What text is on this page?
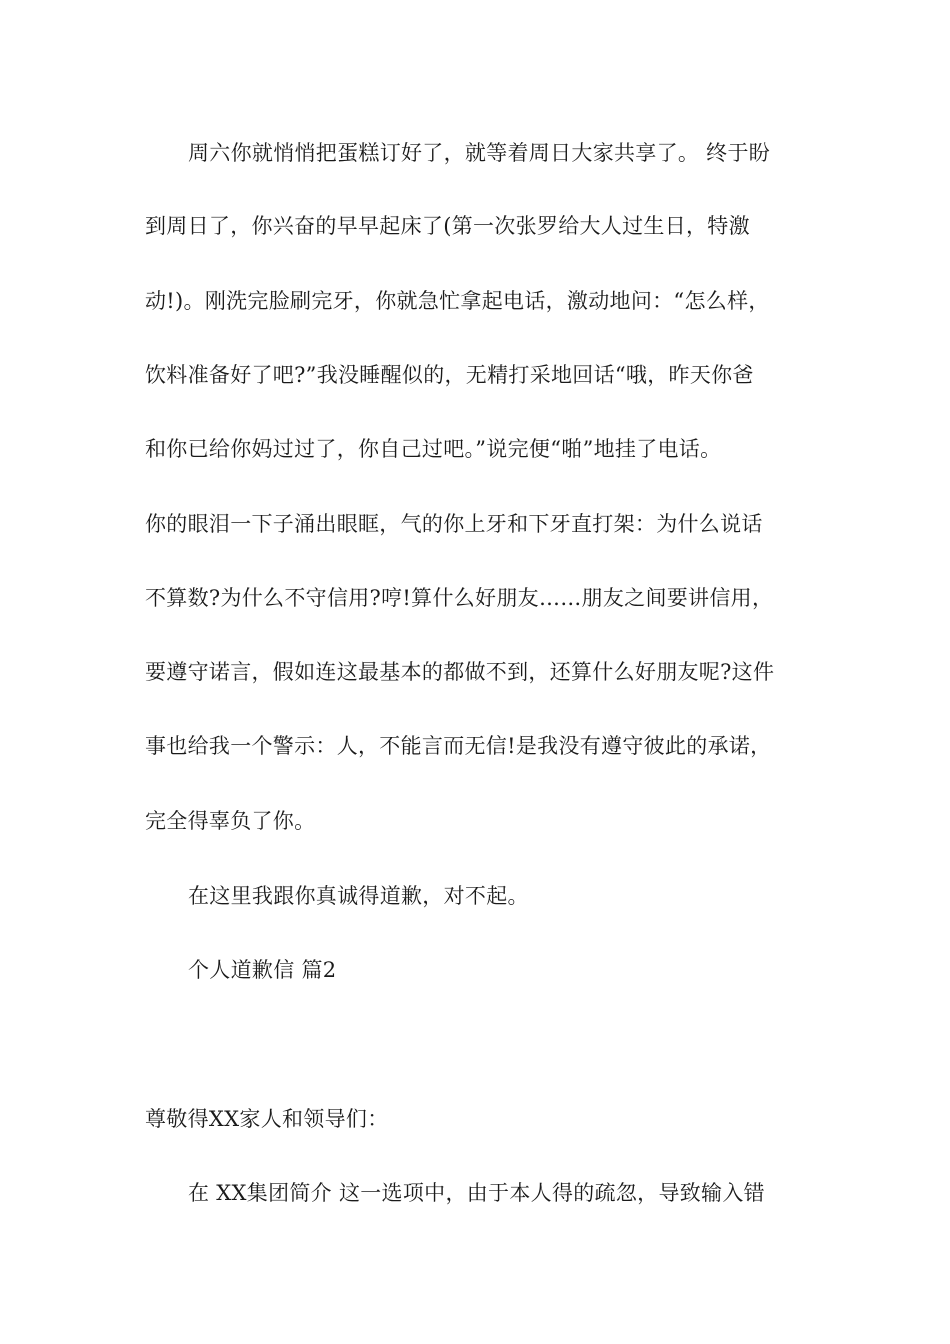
周六你就悄悄把蛋糕订好了，就等着周日大家共享了。 终于盼
到周日了，你兴奋的早早起床了(第一次张罗给大人过生日，特激
动!)。刚洗完脸刷完牙，你就急忙拿起电话，激动地问：“怎么样，
饮料准备好了吧?”我没睡醒似的，无精打采地回话“哦，昨天你爸
和你已给你妈过过了，你自己过吧。”说完便“啪”地挂了电话。
你的眼泪一下子涌出眼眶，气的你上牙和下牙直打架：为什么说话
不算数?为什么不守信用?哼!算什么好朋友……朋友之间要讲信用，
要遵守诺言，假如连这最基本的都做不到，还算什么好朋友呢?这件
事也给我一个警示：人，不能言而无信!是我没有遵守彼此的承诺，
完全得辜负了你。
在这里我跟你真诚得道歉，对不起。
个人道歉信 篇2
尊敬得XX家人和领导们：
在 XX集团简介 这一选项中，由于本人得的疏忽，导致输入错
